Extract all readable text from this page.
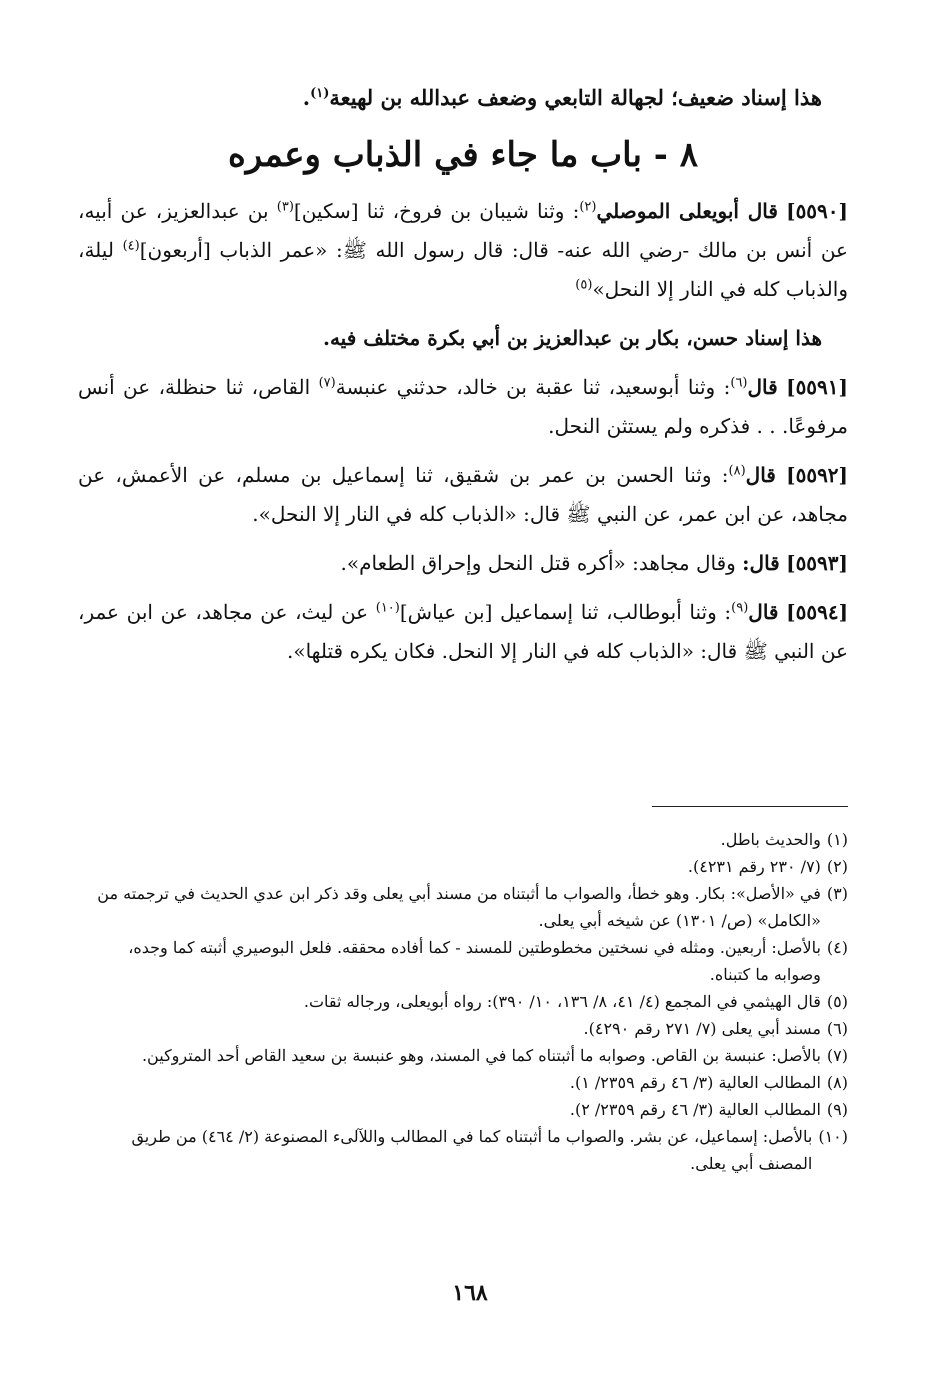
هذا إسناد ضعيف؛ لجهالة التابعي وضعف عبدالله بن لهيعة$^{(١)}$.

٨ - باب ما جاء في الذباب وعمره

[٥٥٩٠] قال أبويعلى الموصلي$^{(٢)}$: وثنا شيبان بن فروخ، ثنا [سكين]$^{(٣)}$ بن عبدالعزيز، عن أبيه، عن أنس بن مالك -رضي الله عنه- قال: قال رسول الله ﷺ: «عمر الذباب [أربعون]$^{(٤)}$ ليلة، والذباب كله في النار إلا النحل»$^{(٥)}$

هذا إسناد حسن، بكار بن عبدالعزيز بن أبي بكرة مختلف فيه.

[٥٥٩١] قال$^{(٦)}$: وثنا أبوسعيد، ثنا عقبة بن خالد، حدثني عنبسة$^{(٧)}$ القاص، ثنا حنظلة، عن أنس مرفوعًا. . . فذكره ولم يستثن النحل.

[٥٥٩٢] قال$^{(٨)}$: وثنا الحسن بن عمر بن شقيق، ثنا إسماعيل بن مسلم، عن الأعمش، عن مجاهد، عن ابن عمر، عن النبي ﷺ قال: «الذباب كله في النار إلا النحل».

[٥٥٩٣] قال: وقال مجاهد: «أكره قتل النحل وإحراق الطعام».

[٥٥٩٤] قال$^{(٩)}$: وثنا أبوطالب، ثنا إسماعيل [بن عياش]$^{(١٠)}$ عن ليث، عن مجاهد، عن ابن عمر، عن النبي ﷺ قال: «الذباب كله في النار إلا النحل. فكان يكره قتلها».

(١)
والحديث باطل.
(٢)
(٧/ ٢٣٠ رقم ٤٢٣١).
(٣)
في «الأصل»: بكار. وهو خطأ، والصواب ما أثبتناه من مسند أبي يعلى وقد ذكر ابن عدي الحديث في ترجمته من «الكامل» (ص/ ١٣٠١) عن شيخه أبي يعلى.
(٤)
بالأصل: أربعين. ومثله في نسختين مخطوطتين للمسند - كما أفاده محققه. فلعل البوصيري أثبته كما وجده، وصوابه ما كتبناه.
(٥)
قال الهيثمي في المجمع (٤/ ٤١، ٨/ ١٣٦، ١٠/ ٣٩٠): رواه أبويعلى، ورجاله ثقات.
(٦)
مسند أبي يعلى (٧/ ٢٧١ رقم ٤٢٩٠).
(٧)
بالأصل: عنبسة بن القاص. وصوابه ما أثبتناه كما في المسند، وهو عنبسة بن سعيد القاص أحد المتروكين.
(٨)
المطالب العالية (٣/ ٤٦ رقم ٢٣٥٩/ ١).
(٩)
المطالب العالية (٣/ ٤٦ رقم ٢٣٥٩/ ٢).
(١٠)
بالأصل: إسماعيل، عن بشر. والصواب ما أثبتناه كما في المطالب واللآلىء المصنوعة (٢/ ٤٦٤) من طريق المصنف أبي يعلى.
١٦٨
